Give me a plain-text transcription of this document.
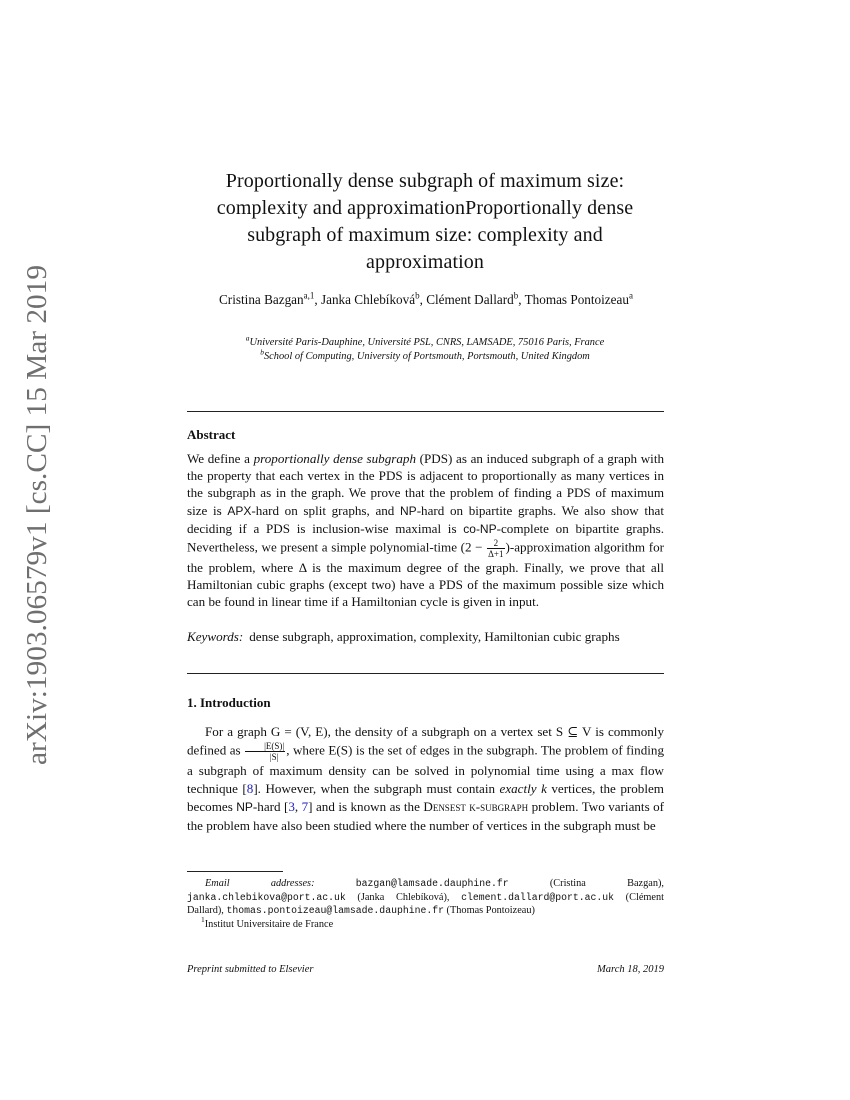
arXiv:1903.06579v1 [cs.CC] 15 Mar 2019
Proportionally dense subgraph of maximum size: complexity and approximationProportionally dense subgraph of maximum size: complexity and approximation
Cristina Bazgan$^{a,1}$, Janka Chlebíková$^b$, Clément Dallard$^b$, Thomas Pontoizeau$^a$
$^a$Université Paris-Dauphine, Université PSL, CNRS, LAMSADE, 75016 Paris, France
$^b$School of Computing, University of Portsmouth, Portsmouth, United Kingdom
Abstract

We define a proportionally dense subgraph (PDS) as an induced subgraph of a graph with the property that each vertex in the PDS is adjacent to proportionally as many vertices in the subgraph as in the graph. We prove that the problem of finding a PDS of maximum size is APX-hard on split graphs, and NP-hard on bipartite graphs. We also show that deciding if a PDS is inclusion-wise maximal is co-NP-complete on bipartite graphs. Nevertheless, we present a simple polynomial-time ($2 - \frac{2}{\Delta+1}$ )-approximation algorithm for the problem, where Δ is the maximum degree of the graph. Finally, we prove that all Hamiltonian cubic graphs (except two) have a PDS of the maximum possible size which can be found in linear time if a Hamiltonian cycle is given in input.

Keywords: dense subgraph, approximation, complexity, Hamiltonian cubic graphs
1. Introduction

For a graph G = (V, E), the density of a subgraph on a vertex set S ⊆ V is commonly defined as $\frac{|E(S)|}{|S|}$ , where E(S) is the set of edges in the subgraph. The problem of finding a subgraph of maximum density can be solved in polynomial time using a max flow technique [8]. However, when the subgraph must contain exactly k vertices, the problem becomes NP-hard [3, 7] and is known as the Densest k-subgraph problem. Two variants of the problem have also been studied where the number of vertices in the subgraph must be

Email addresses:	bazgan@lamsade.dauphine.fr (Cristina Bazgan), janka.chlebikova@port.ac.uk (Janka Chlebíková), clement.dallard@port.ac.uk (Clément Dallard), thomas.pontoizeau@lamsade.dauphine.fr (Thomas Pontoizeau)

$^1$Institut Universitaire de France

Preprint submitted to Elsevier	March 18, 2019
